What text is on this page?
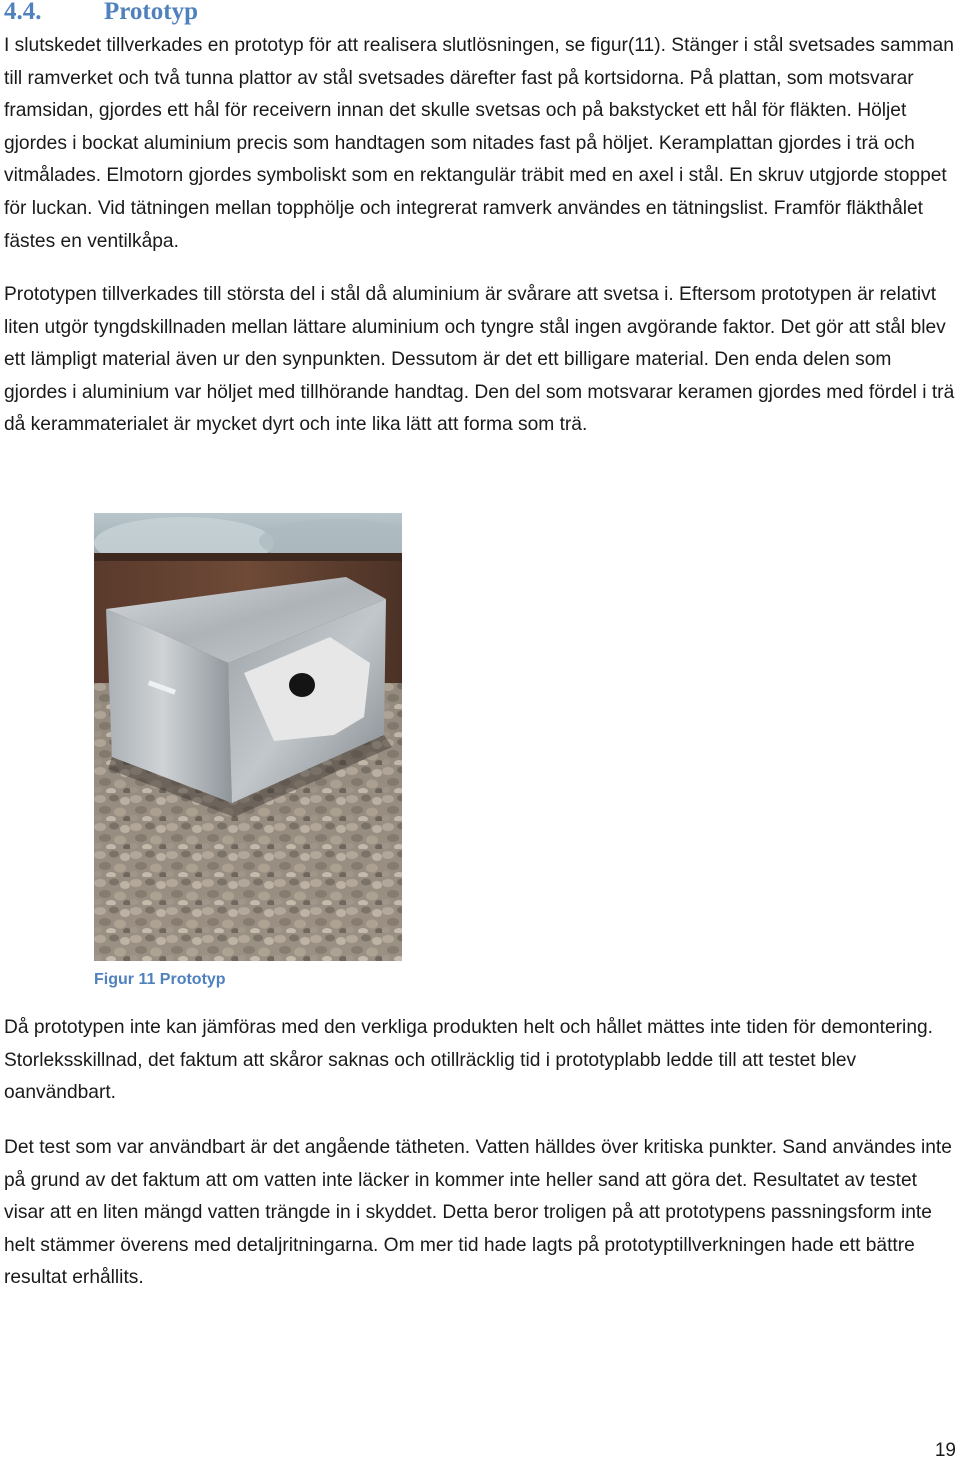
4.4.	Prototyp

I slutskedet tillverkades en prototyp för att realisera slutlösningen, se figur(11). Stänger i stål svetsades samman till ramverket och två tunna plattor av stål svetsades därefter fast på kortsidorna. På plattan, som motsvarar framsidan, gjordes ett hål för receivern innan det skulle svetsas och på bakstycket ett hål för fläkten. Höljet gjordes i bockat aluminium precis som handtagen som nitades fast på höljet. Keramplattan gjordes i trä och vitmålades. Elmotorn gjordes symboliskt som en rektangulär träbit med en axel i stål. En skruv utgjorde stoppet för luckan. Vid tätningen mellan topphölje och integrerat ramverk användes en tätningslist. Framför fläkthålet fästes en ventilkåpa.

Prototypen tillverkades till största del i stål då aluminium är svårare att svetsa i. Eftersom prototypen är relativt liten utgör tyngdskillnaden mellan lättare aluminium och tyngre stål ingen avgörande faktor. Det gör att stål blev ett lämpligt material även ur den synpunkten. Dessutom är det ett billigare material. Den enda delen som gjordes i aluminium var höljet med tillhörande handtag. Den del som motsvarar keramen gjordes med fördel i trä då kerammaterialet är mycket dyrt och inte lika lätt att forma som trä.

Figur 11 Prototyp

Då prototypen inte kan jämföras med den verkliga produkten helt och hållet mättes inte tiden för demontering. Storleksskillnad, det faktum att skåror saknas och otillräcklig tid i prototyplabb ledde till att testet blev oanvändbart.

Det test som var användbart är det angående tätheten. Vatten hälldes över kritiska punkter. Sand användes inte på grund av det faktum att om vatten inte läcker in kommer inte heller sand att göra det. Resultatet av testet visar att en liten mängd vatten trängde in i skyddet. Detta beror troligen på att prototypens passningsform inte helt stämmer överens med detaljritningarna. Om mer tid hade lagts på prototyptillverkningen hade ett bättre resultat erhållits.

19
